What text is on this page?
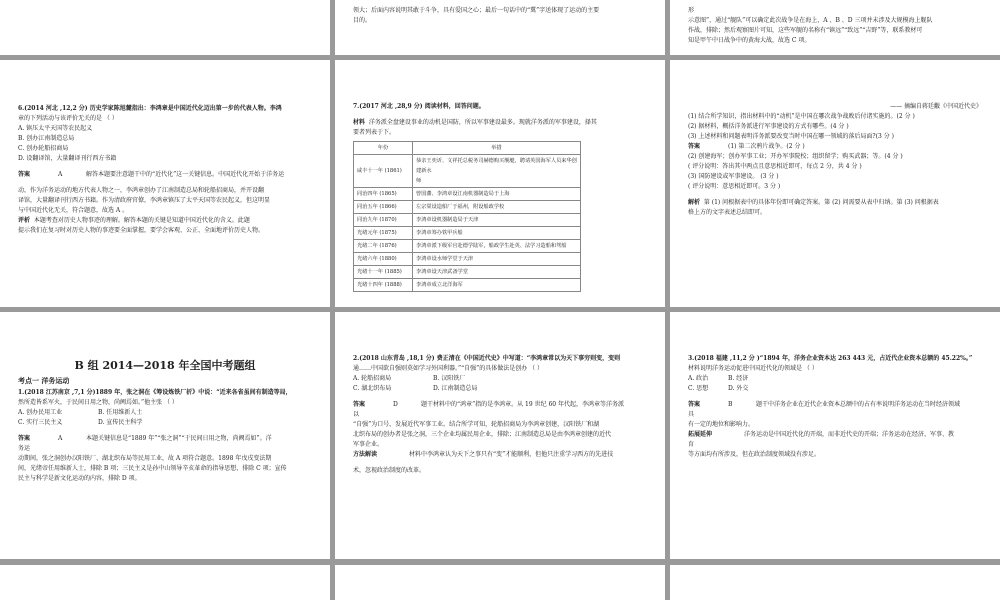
领大；后面内容说明其敢于斗争，具有爱国之心；最后一句话中的“冀”字送体现了运动的主要

目的。

形

示意图”，通过“舰队”可以确定此次战争是在海上，A 、B 、D 三项并未涉及大规模海上舰队

作战，排除；然后观察图片可知，这些军舰的名称有“镇远”“致远”“吉野”等，联系教材可

知是甲午中日战争中的黄海大战，故选 C 项。

6.(2014 河北 ,12,2 分) 历史学家陈旭麓指出：李鸿章是中国近代化迈出第一步的代表人物。李鸿

章的下列活动与该评价无关的是 （ ）

A. 镇压太平天国等农民起义

B. 创办江南制造总局

C. 创办轮船招商局

D. 设翻译馆，大量翻译刊行西方书籍

答案	A	解答本题要注意题干中的“近代化”这一关键信息。中国近代化开始于洋务运

动，作为洋务运动的地方代表人物之一，李鸿章创办了江南制造总局和轮船招商局，并开设翻

译馆，大量翻译刊行西方书籍。作为清政府官僚，李鸿章镇压了太平天国等农民起义，但这明显

与中国近代化无关，符合题意，故选 A 。

评析 本题考查对历史人物事迹的理解。解答本题的关键是知道中国近代化的含义。此题

提示我们在复习时对历史人物的事迹要全面掌握，要学会客观、公正、全面地评价历史人物。

7.(2017 河北 ,28,9 分) 阅读材料，回答问题。

材料 洋务派全盘建设事业的动机是国防，所以军事建设最多。现就洋务派的军事建设，择其

要者列表于下。

年份	举措
咸丰十一年 (1861)	恭亲王奕䜣、文祥托总税务司赫德购买舰艇，聘请英国海军人员来华创建新水
师
同治四年 (1865)	曾国藩、李鸿章设江南机器制造局于上海
同治五年 (1866)	左宗棠设造船厂于福州，附设船政学校
同治九年 (1870)	李鸿章设机器制造局于天津
光绪元年 (1875)	李鸿章筹办铁甲兵船
光绪二年 (1876)	李鸿章派下级军官赴德学陆军，船政学生赴英、法学习造船和驾船
光绪六年 (1880)	李鸿章设水师学堂于天津
光绪十一年 (1885)	李鸿章设天津武备学堂
光绪十四年 (1888)	李鸿章成立北洋海军

—— 摘编自蒋廷黻《中国近代史》

(1) 结合所学知识，指出材料中的“动机”是中国在哪次战争战败后付诸实施的。(2 分 )

(2) 据材料，概括洋务派进行军事建设的方式有哪些。(4 分 )

(3) 上述材料和问题表明洋务派要改变当时中国在哪一领域的落后局面?(3 分 )

答案	(1) 第二次鸦片战争。(2 分 )

(2) 创建海军；创办军事工业；开办军事院校；组织留学；购买武器；等。(4 分 )

( 评分说明：答出其中两点且意思相近即可，每点 2 分，共 4 分 )

(3) 国防建设或军事建设。 (3 分 )

( 评分说明：意思相近即可。3 分 )

解析 第 (1) 问根据表中的具体年份即可确定答案。第 (2) 问需要从表中归纳。第 (3) 问根据表

格上方的文字表述总结即可。

B 组 2014—2018 年全国中考题组

考点一 洋务运动

1.(2018 江苏南京 ,7,1 分)1889 年，张之洞在《筹设炼铁厂折》中说：“近来各省虽间有制造等局，

然所造皆系军火，于民间日用之物，尚阙焉如。”他主张 （ ）

A. 创办民用工业	B. 任用维新人士

C. 实行三民主义	D. 宣传民主科学

答案	A	本题关键信息是“1889 年”“张之洞”“于民间日用之物，尚阙焉如”。洋

务运

动期间，张之洞创办汉阳铁厂、湖北织布局等民用工业，故 A 项符合题意。1898 年戊戌变法期

间，光绪帝任用维新人士，排除 B 项；三民主义是孙中山领导辛亥革命的指导思想，排除 C 项；宣传

民主与科学是新文化运动的内容，排除 D 项。

2.(2018 山东青岛 ,18,1 分) 费正清在《中国近代史》中写道：“李鸿章常以为天下事穷则变，变则

通……中国欲自强则莫如学习外国利器。”“自强”的具体做法是创办 （ ）

A. 轮船招商局	B. 汉阳铁厂

C. 湖北织布局	D. 江南制造总局

答案	D	题干材料中的“鸿章”指的是李鸿章。从 19 世纪 60 年代起，李鸿章等洋务派

以

“自强”为口号，发展近代军事工业。结合所学可知，轮船招商局为李鸿章创建，汉阳铁厂和湖

北织布局的创办者是张之洞，三个企业均属民用企业，排除；江南制造总局是由李鸿章创建的近代

军事企业。

方法解读	材料中李鸿章认为天下之事只有“变”才能顺利，但他只注重学习西方的先进技

术，忽视政治制度的改革。

3.(2018 福建 ,11,2 分 )“1894 年，洋务企业资本达 263 443 元，占近代企业资本总额的 45.22%。”

材料说明洋务运动促进中国近代化的领域是 （ ）

A. 政治	B. 经济

C. 思想	D. 外交

答案	B	题干中洋务企业在近代企业资本总额中的占有率说明洋务运动在当时经济领域

具

有一定的地位和影响力。

拓展延伸	洋务运动是中国近代化的开端，而非近代史的开端；洋务运动在经济、军事、教

育

等方面均有所涉及，但在政治制度领域没有涉足。
